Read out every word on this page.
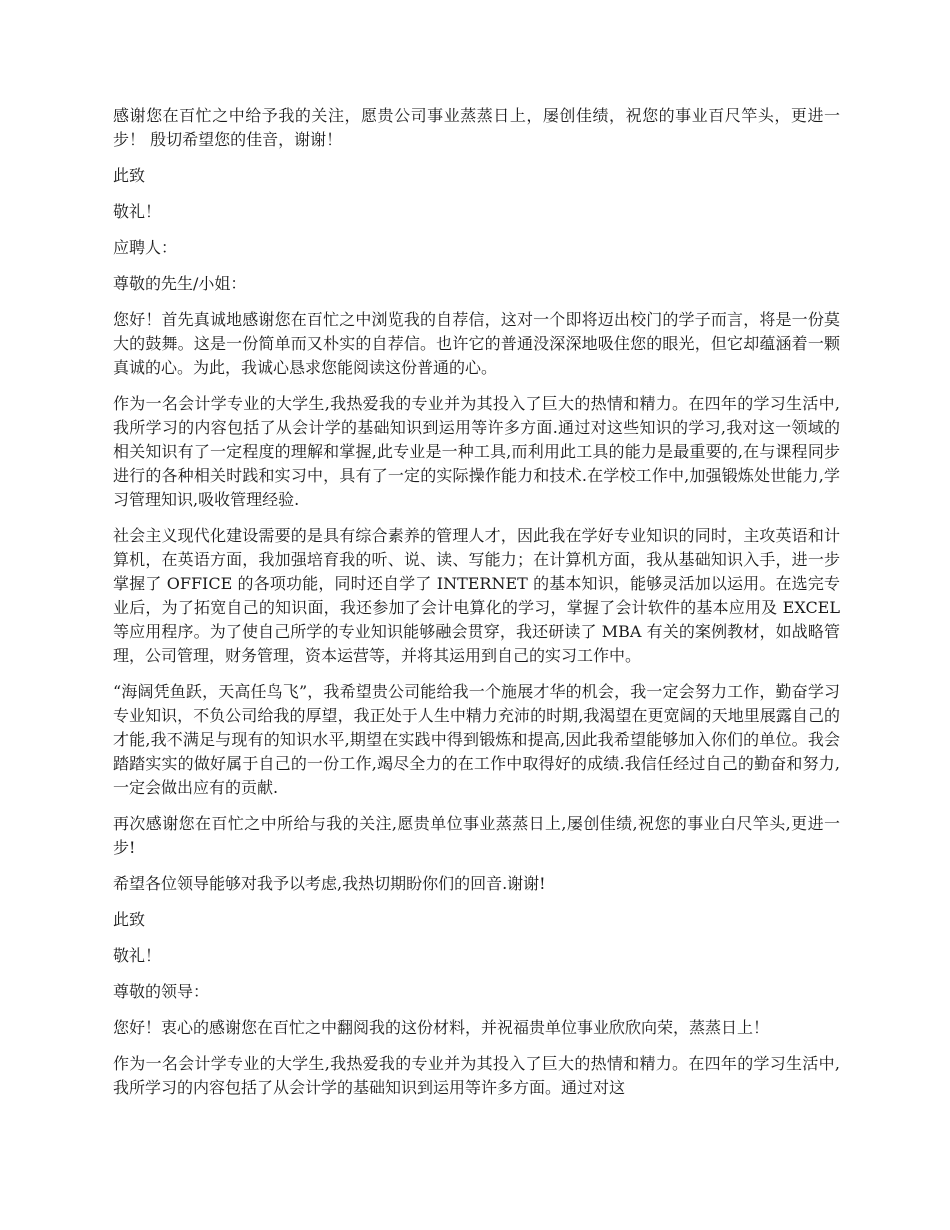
感谢您在百忙之中给予我的关注，愿贵公司事业蒸蒸日上，屡创佳绩，祝您的事业百尺竿头，更进一步！ 殷切希望您的佳音，谢谢！

此致

敬礼！

应聘人：

尊敬的先生/小姐：

您好！首先真诚地感谢您在百忙之中浏览我的自荐信，这对一个即将迈出校门的学子而言，将是一份莫大的鼓舞。这是一份简单而又朴实的自荐信。也许它的普通没深深地吸住您的眼光，但它却蕴涵着一颗真诚的心。为此，我诚心恳求您能阅读这份普通的心。

作为一名会计学专业的大学生,我热爱我的专业并为其投入了巨大的热情和精力。在四年的学习生活中,我所学习的内容包括了从会计学的基础知识到运用等许多方面.通过对这些知识的学习,我对这一领域的相关知识有了一定程度的理解和掌握,此专业是一种工具,而利用此工具的能力是最重要的,在与课程同步进行的各种相关时践和实习中，具有了一定的实际操作能力和技术.在学校工作中,加强锻炼处世能力,学习管理知识,吸收管理经验.

社会主义现代化建设需要的是具有综合素养的管理人才，因此我在学好专业知识的同时，主攻英语和计算机，在英语方面，我加强培育我的听、说、读、写能力；在计算机方面，我从基础知识入手，进一步掌握了 OFFICE 的各项功能，同时还自学了 INTERNET 的基本知识，能够灵活加以运用。在选完专业后，为了拓宽自己的知识面，我还参加了会计电算化的学习，掌握了会计软件的基本应用及 EXCEL 等应用程序。为了使自己所学的专业知识能够融会贯穿，我还研读了 MBA 有关的案例教材，如战略管理，公司管理，财务管理，资本运营等，并将其运用到自己的实习工作中。

“海阔凭鱼跃，天高任鸟飞”，我希望贵公司能给我一个施展才华的机会，我一定会努力工作，勤奋学习专业知识，不负公司给我的厚望，我正处于人生中精力充沛的时期,我渴望在更宽阔的天地里展露自己的才能,我不满足与现有的知识水平,期望在实践中得到锻炼和提高,因此我希望能够加入你们的单位。我会踏踏实实的做好属于自己的一份工作,竭尽全力的在工作中取得好的成绩.我信任经过自己的勤奋和努力,一定会做出应有的贡献.

再次感谢您在百忙之中所给与我的关注,愿贵单位事业蒸蒸日上,屡创佳绩,祝您的事业白尺竿头,更进一步!

希望各位领导能够对我予以考虑,我热切期盼你们的回音.谢谢!

此致

敬礼！

尊敬的领导：

您好！衷心的感谢您在百忙之中翻阅我的这份材料，并祝福贵单位事业欣欣向荣，蒸蒸日上！

作为一名会计学专业的大学生,我热爱我的专业并为其投入了巨大的热情和精力。在四年的学习生活中,我所学习的内容包括了从会计学的基础知识到运用等许多方面。通过对这
